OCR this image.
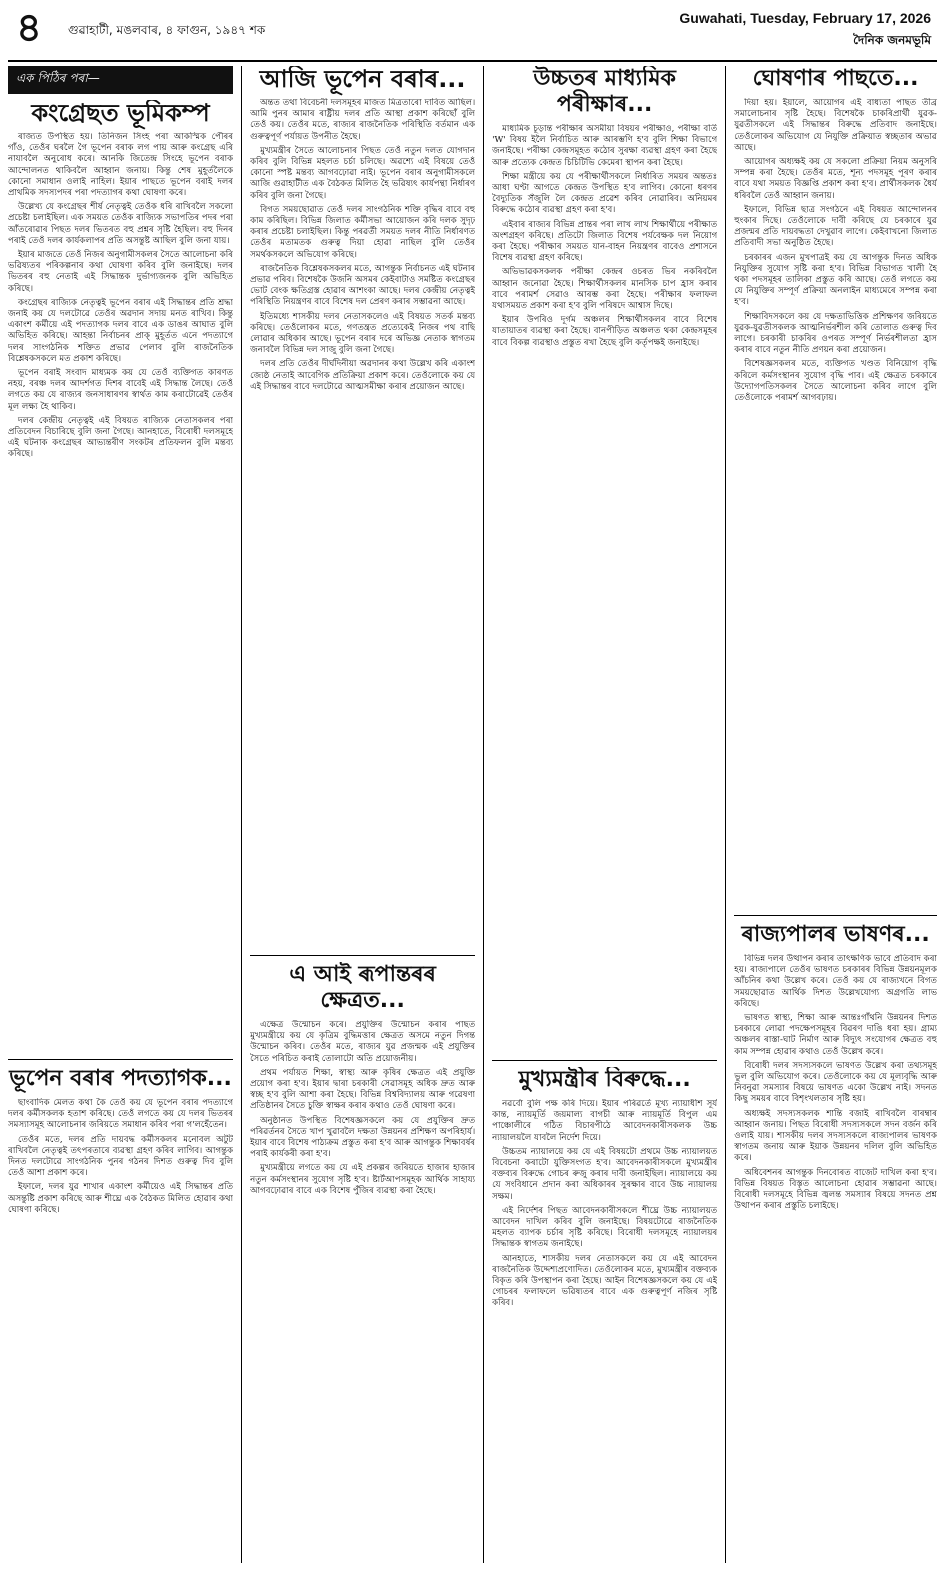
৪ গুৱাহাটী, মঙলবাৰ, ৪ ফাগুন, ১৯৪৭ শক
Guwahati, Tuesday, February 17, 2026
দৈনিক জনমভূমি
এক পিঠিৰ পৰা—
কংগ্ৰেছত ভূমিকম্প

ৰাজ্যত উপস্থিত হয়। তিনিজন সিংহ পৰা আকস্মিক পৌৰৰ গাঁও, তেওঁৰ ঘৰলৈ গৈ ভূপেন বৰাক লগ পায় আৰু কংগ্ৰেছ এৰি নাযাবলৈ অনুৰোধ কৰে। আনকি জিতেন্দ্ৰ সিংহে ভূপেন বৰাক আন্দোলনত থাকিবলৈ আহ্বান জনায়। কিন্তু শেষ মুহূৰ্তলৈকে কোনো সমাধান ওলাই নাহিল। ইয়াৰ পাছতে ভূপেন বৰাই দলৰ প্ৰাথমিক সদস্যপদৰ পৰা পদত্যাগৰ কথা ঘোষণা কৰে।

উল্লেখ্য যে কংগ্ৰেছৰ শীৰ্ষ নেতৃত্বই তেওঁক ধৰি ৰাখিবলৈ সকলো প্ৰচেষ্টা চলাইছিল। এক সময়ত তেওঁক ৰাজ্যিক সভাপতিৰ পদৰ পৰা আঁতৰোৱাৰ পিছত দলৰ ভিতৰত বহু প্ৰশ্নৰ সৃষ্টি হৈছিল। বহু দিনৰ পৰাই তেওঁ দলৰ কাৰ্যকলাপৰ প্ৰতি অসন্তুষ্ট আছিল বুলি জনা যায়।

ইয়াৰ মাজতে তেওঁ নিজৰ অনুগামীসকলৰ সৈতে আলোচনা কৰি ভৱিষ্যতৰ পৰিকল্পনাৰ কথা ঘোষণা কৰিব বুলি জনাইছে। দলৰ ভিতৰৰ বহু নেতাই এই সিদ্ধান্তক দুৰ্ভাগ্যজনক বুলি অভিহিত কৰিছে।

কংগ্ৰেছৰ ৰাজ্যিক নেতৃত্বই ভূপেন বৰাৰ এই সিদ্ধান্তৰ প্ৰতি শ্ৰদ্ধা জনাই কয় যে দলটোৱে তেওঁৰ অৱদান সদায় মনত ৰাখিব। কিন্তু একাংশ কৰ্মীয়ে এই পদত্যাগক দলৰ বাবে এক ডাঙৰ আঘাত বুলি অভিহিত কৰিছে। আহন্তা নিৰ্বাচনৰ প্ৰাক্ মুহূৰ্তত এনে পদত্যাগে দলৰ সাংগঠনিক শক্তিত প্ৰভাৱ পেলাব বুলি ৰাজনৈতিক বিশ্লেষকসকলে মত প্ৰকাশ কৰিছে।

ভূপেন বৰাই সংবাদ মাধ্যমক কয় যে তেওঁ ব্যক্তিগত কাৰণত নহয়, বৰঞ্চ দলৰ আদৰ্শগত দিশৰ বাবেই এই সিদ্ধান্ত লৈছে। তেওঁ লগতে কয় যে ৰাজ্যৰ জনসাধাৰণৰ স্বাৰ্থত কাম কৰাটোৱেই তেওঁৰ মূল লক্ষ্য হৈ থাকিব।

দলৰ কেন্দ্ৰীয় নেতৃত্বই এই বিষয়ত ৰাজ্যিক নেতাসকলৰ পৰা প্ৰতিবেদন বিচাৰিছে বুলি জনা গৈছে। আনহাতে, বিৰোধী দলসমূহে এই ঘটনাক কংগ্ৰেছৰ আভ্যন্তৰীণ সংকটৰ প্ৰতিফলন বুলি মন্তব্য কৰিছে।

ভূপেন বৰাৰ পদত্যাগক...

ছাংবাদিক মেলত কথা কৈ তেওঁ কয় যে ভূপেন বৰাৰ পদত্যাগে দলৰ কৰ্মীসকলক হতাশ কৰিছে। তেওঁ লগতে কয় যে দলৰ ভিতৰৰ সমস্যাসমূহ আলোচনাৰ জৰিয়তে সমাধান কৰিব পৰা গ'লহেঁতেন।

তেওঁৰ মতে, দলৰ প্ৰতি দায়বদ্ধ কৰ্মীসকলৰ মনোবল অটুট ৰাখিবলৈ নেতৃত্বই তৎপৰতাৰে ব্যৱস্থা গ্ৰহণ কৰিব লাগিব। আগন্তুক দিনত দলটোৱে সাংগঠনিক পুনৰ গঠনৰ দিশত গুৰুত্ব দিব বুলি তেওঁ আশা প্ৰকাশ কৰে।

ইফালে, দলৰ যুৱ শাখাৰ একাংশ কৰ্মীয়েও এই সিদ্ধান্তৰ প্ৰতি অসন্তুষ্টি প্ৰকাশ কৰিছে আৰু শীঘ্ৰে এক বৈঠকত মিলিত হোৱাৰ কথা ঘোষণা কৰিছে।

আজি ভূপেন বৰাৰ...

অন্তত তথা বিবেচনী দলসমূহৰ মাজত মিত্ৰতাৰো দাবিত আছিল। আমি পুনৰ আমাৰ ৰাষ্ট্ৰীয় দলৰ প্ৰতি আস্থা প্ৰকাশ কৰিছোঁ বুলি তেওঁ কয়। তেওঁৰ মতে, ৰাজ্যৰ ৰাজনৈতিক পৰিস্থিতি বৰ্তমান এক গুৰুত্বপূৰ্ণ পৰ্যায়ত উপনীত হৈছে।

মুখ্যমন্ত্ৰীৰ সৈতে আলোচনাৰ পিছত তেওঁ নতুন দলত যোগদান কৰিব বুলি বিভিন্ন মহলত চৰ্চা চলিছে। অৱশ্যে এই বিষয়ে তেওঁ কোনো স্পষ্ট মন্তব্য আগবঢ়োৱা নাই। ভূপেন বৰাৰ অনুগামীসকলে আজি গুৱাহাটীত এক বৈঠকত মিলিত হৈ ভৱিষ্যৎ কাৰ্যপন্থা নিৰ্ধাৰণ কৰিব বুলি জনা গৈছে।

বিগত সময়ছোৱাত তেওঁ দলৰ সাংগঠনিক শক্তি বৃদ্ধিৰ বাবে বহু কাম কৰিছিল। বিভিন্ন জিলাত কৰ্মীসভা আয়োজন কৰি দলক সুদৃঢ় কৰাৰ প্ৰচেষ্টা চলাইছিল। কিন্তু পৰৱৰ্তী সময়ত দলৰ নীতি নিৰ্ধাৰণত তেওঁৰ মতামতক গুৰুত্ব দিয়া হোৱা নাছিল বুলি তেওঁৰ সমৰ্থকসকলে অভিযোগ কৰিছে।

ৰাজনৈতিক বিশ্লেষকসকলৰ মতে, আগন্তুক নিৰ্বাচনত এই ঘটনাৰ প্ৰভাৱ পৰিব। বিশেষকৈ উজনি অসমৰ কেইবাটাও সমষ্টিত কংগ্ৰেছৰ ভোট বেংক ক্ষতিগ্ৰস্ত হোৱাৰ আশংকা আছে। দলৰ কেন্দ্ৰীয় নেতৃত্বই পৰিস্থিতি নিয়ন্ত্ৰণৰ বাবে বিশেষ দল প্ৰেৰণ কৰাৰ সম্ভাৱনা আছে।

ইতিমধ্যে শাসকীয় দলৰ নেতাসকলেও এই বিষয়ত সতৰ্ক মন্তব্য কৰিছে। তেওঁলোকৰ মতে, গণতন্ত্ৰত প্ৰত্যেকেই নিজৰ পথ বাছি লোৱাৰ অধিকাৰ আছে। ভূপেন বৰাৰ দৰে অভিজ্ঞ নেতাক স্বাগতম জনাবলৈ বিভিন্ন দল সাজু বুলি জনা গৈছে।

দলৰ প্ৰতি তেওঁৰ দীৰ্ঘদিনীয়া অৱদানৰ কথা উল্লেখ কৰি একাংশ জ্যেষ্ঠ নেতাই আবেগিক প্ৰতিক্ৰিয়া প্ৰকাশ কৰে। তেওঁলোকে কয় যে এই সিদ্ধান্তৰ বাবে দলটোৱে আত্মসমীক্ষা কৰাৰ প্ৰয়োজন আছে।

এ আই ৰূপান্তৰৰ ক্ষেত্ৰত...

এক্ষেত্ৰ উন্মোচন কৰে। প্ৰযুক্তিৰ উন্মোচন কৰাৰ পাছত মুখ্যমন্ত্ৰীয়ে কয় যে কৃত্ৰিম বুদ্ধিমত্তাৰ ক্ষেত্ৰত অসমে নতুন দিগন্ত উন্মোচন কৰিব। তেওঁৰ মতে, ৰাজ্যৰ যুৱ প্ৰজন্মক এই প্ৰযুক্তিৰ সৈতে পৰিচিত কৰাই তোলাটো অতি প্ৰয়োজনীয়।

প্ৰথম পৰ্যায়ত শিক্ষা, স্বাস্থ্য আৰু কৃষিৰ ক্ষেত্ৰত এই প্ৰযুক্তি প্ৰয়োগ কৰা হ'ব। ইয়াৰ দ্বাৰা চৰকাৰী সেৱাসমূহ অধিক দ্ৰুত আৰু স্বচ্ছ হ'ব বুলি আশা কৰা হৈছে। বিভিন্ন বিশ্ববিদ্যালয় আৰু গৱেষণা প্ৰতিষ্ঠানৰ সৈতে চুক্তি স্বাক্ষৰ কৰাৰ কথাও তেওঁ ঘোষণা কৰে।

অনুষ্ঠানত উপস্থিত বিশেষজ্ঞসকলে কয় যে প্ৰযুক্তিৰ দ্ৰুত পৰিৱৰ্তনৰ সৈতে খাপ খুৱাবলৈ দক্ষতা উন্নয়নৰ প্ৰশিক্ষণ অপৰিহাৰ্য। ইয়াৰ বাবে বিশেষ পাঠ্যক্ৰম প্ৰস্তুত কৰা হ'ব আৰু আগন্তুক শিক্ষাবৰ্ষৰ পৰাই কাৰ্যকৰী কৰা হ'ব।

মুখ্যমন্ত্ৰীয়ে লগতে কয় যে এই প্ৰকল্পৰ জৰিয়তে হাজাৰ হাজাৰ নতুন কৰ্মসংস্থানৰ সুযোগ সৃষ্টি হ'ব। ষ্টাৰ্টআপসমূহক আৰ্থিক সাহায্য আগবঢ়োৱাৰ বাবে এক বিশেষ পুঁজিৰ ব্যৱস্থা কৰা হৈছে।

উচ্চতৰ মাধ্যমিক পৰীক্ষাৰ...

মাধ্যমিক চূড়ান্ত পৰীক্ষাৰ অসমীয়া বিষয়ৰ পৰীক্ষাও, পৰীক্ষা বৰ্তি 'W' বিষয় ইলৈ নিৰ্বাচিত আৰু আৰম্ভণি হ'ব বুলি শিক্ষা বিভাগে জনাইছে। পৰীক্ষা কেন্দ্ৰসমূহত কঠোৰ সুৰক্ষা ব্যৱস্থা গ্ৰহণ কৰা হৈছে আৰু প্ৰত্যেক কেন্দ্ৰত চিচিটিভি কেমেৰা স্থাপন কৰা হৈছে।

শিক্ষা মন্ত্ৰীয়ে কয় যে পৰীক্ষাৰ্থীসকলে নিৰ্ধাৰিত সময়ৰ অন্ততঃ আধা ঘণ্টা আগতে কেন্দ্ৰত উপস্থিত হ'ব লাগিব। কোনো ধৰণৰ বৈদ্যুতিক সঁজুলি লৈ কেন্দ্ৰত প্ৰৱেশ কৰিব নোৱাৰিব। অনিয়মৰ বিৰুদ্ধে কঠোৰ ব্যৱস্থা গ্ৰহণ কৰা হ'ব।

এইবাৰ ৰাজ্যৰ বিভিন্ন প্ৰান্তৰ পৰা লাখ লাখ শিক্ষাৰ্থীয়ে পৰীক্ষাত অংশগ্ৰহণ কৰিছে। প্ৰতিটো জিলাত বিশেষ পৰ্যবেক্ষক দল নিয়োগ কৰা হৈছে। পৰীক্ষাৰ সময়ত যান-বাহন নিয়ন্ত্ৰণৰ বাবেও প্ৰশাসনে বিশেষ ব্যৱস্থা গ্ৰহণ কৰিছে।

অভিভাৱকসকলক পৰীক্ষা কেন্দ্ৰৰ ওচৰত ভিৰ নকৰিবলৈ আহ্বান জনোৱা হৈছে। শিক্ষাৰ্থীসকলৰ মানসিক চাপ হ্ৰাস কৰাৰ বাবে পৰামৰ্শ সেৱাও আৰম্ভ কৰা হৈছে। পৰীক্ষাৰ ফলাফল যথাসময়ত প্ৰকাশ কৰা হ'ব বুলি পৰিষদে আশ্বাস দিছে।

ইয়াৰ উপৰিও দূৰ্গম অঞ্চলৰ শিক্ষাৰ্থীসকলৰ বাবে বিশেষ যাতায়াতৰ ব্যৱস্থা কৰা হৈছে। বানপীড়িত অঞ্চলত থকা কেন্দ্ৰসমূহৰ বাবে বিকল্প ব্যৱস্থাও প্ৰস্তুত ৰখা হৈছে বুলি কৰ্তৃপক্ষই জনাইছে।

মুখ্যমন্ত্ৰীৰ বিৰুদ্ধে...

নৱৰ্বো বুলি পক্ষ কৰি দিয়ে। ইয়াৰ পৰিৱৰ্তে মূখ্য ন্যায়াধীশ সূৰ্য কান্ত, ন্যায়মূৰ্তি জয়মাল্য বাগচী আৰু ন্যায়মূৰ্তি বিপুল এম পাঞ্চোলীৰে গঠিত বিচাৰপীঠে আবেদনকাৰীসকলক উচ্চ ন্যায়ালয়লৈ যাবলৈ নিৰ্দেশ দিয়ে।

উচ্চতম ন্যায়ালয়ে কয় যে এই বিষয়টো প্ৰথমে উচ্চ ন্যায়ালয়ত বিবেচনা কৰাটো যুক্তিসংগত হ'ব। আবেদনকাৰীসকলে মুখ্যমন্ত্ৰীৰ বক্তব্যৰ বিৰুদ্ধে গোচৰ ৰুজু কৰাৰ দাবী জনাইছিল। ন্যায়ালয়ে কয় যে সংবিধানে প্ৰদান কৰা অধিকাৰৰ সুৰক্ষাৰ বাবে উচ্চ ন্যায়ালয় সক্ষম।

এই নিৰ্দেশৰ পিছত আবেদনকাৰীসকলে শীঘ্ৰে উচ্চ ন্যায়ালয়ত আবেদন দাখিল কৰিব বুলি জনাইছে। বিষয়টোৱে ৰাজনৈতিক মহলত ব্যাপক চৰ্চাৰ সৃষ্টি কৰিছে। বিৰোধী দলসমূহে ন্যায়ালয়ৰ সিদ্ধান্তক স্বাগতম জনাইছে।

আনহাতে, শাসকীয় দলৰ নেতাসকলে কয় যে এই আবেদন ৰাজনৈতিক উদ্দেশ্যপ্ৰণোদিত। তেওঁলোকৰ মতে, মুখ্যমন্ত্ৰীৰ বক্তব্যক বিকৃত কৰি উপস্থাপন কৰা হৈছে। আইন বিশেষজ্ঞসকলে কয় যে এই গোচৰৰ ফলাফলে ভৱিষ্যতৰ বাবে এক গুৰুত্বপূৰ্ণ নজিৰ সৃষ্টি কৰিব।

ঘোষণাৰ পাছতে...

দিয়া হয়। ইয়ালে, আয়োগৰ এই বাধ্যতা পাছত তীব্ৰ সমালোচনাৰ সৃষ্টি হৈছে। বিশেষকৈ চাকৰিপ্ৰাৰ্থী যুৱক-যুৱতীসকলে এই সিদ্ধান্তৰ বিৰুদ্ধে প্ৰতিবাদ জনাইছে। তেওঁলোকৰ অভিযোগ যে নিযুক্তি প্ৰক্ৰিয়াত স্বচ্ছতাৰ অভাৱ আছে।

আয়োগৰ অধ্যক্ষই কয় যে সকলো প্ৰক্ৰিয়া নিয়ম অনুসৰি সম্পন্ন কৰা হৈছে। তেওঁৰ মতে, শূন্য পদসমূহ পূৰণ কৰাৰ বাবে যথা সময়ত বিজ্ঞপ্তি প্ৰকাশ কৰা হ'ব। প্ৰাৰ্থীসকলক ধৈৰ্য ধৰিবলৈ তেওঁ আহ্বান জনায়।

ইফালে, বিভিন্ন ছাত্ৰ সংগঠনে এই বিষয়ত আন্দোলনৰ হুংকাৰ দিছে। তেওঁলোকে দাবী কৰিছে যে চৰকাৰে যুৱ প্ৰজন্মৰ প্ৰতি দায়বদ্ধতা দেখুৱাব লাগে। কেইবাখনো জিলাত প্ৰতিবাদী সভা অনুষ্ঠিত হৈছে।

চৰকাৰৰ এজন মুখপাত্ৰই কয় যে আগন্তুক দিনত অধিক নিযুক্তিৰ সুযোগ সৃষ্টি কৰা হ'ব। বিভিন্ন বিভাগত খালী হৈ থকা পদসমূহৰ তালিকা প্ৰস্তুত কৰি আছে। তেওঁ লগতে কয় যে নিযুক্তিৰ সম্পূৰ্ণ প্ৰক্ৰিয়া অনলাইন মাধ্যমেৰে সম্পন্ন কৰা হ'ব।

শিক্ষাবিদসকলে কয় যে দক্ষতাভিত্তিক প্ৰশিক্ষণৰ জৰিয়তে যুৱক-যুৱতীসকলক আত্মনিৰ্ভৰশীল কৰি তোলাত গুৰুত্ব দিব লাগে। চৰকাৰী চাকৰিৰ ওপৰত সম্পূৰ্ণ নিৰ্ভৰশীলতা হ্ৰাস কৰাৰ বাবে নতুন নীতি প্ৰণয়ন কৰা প্ৰয়োজন।

বিশেষজ্ঞসকলৰ মতে, ব্যক্তিগত খণ্ডত বিনিয়োগ বৃদ্ধি কৰিলে কৰ্মসংস্থানৰ সুযোগ বৃদ্ধি পাব। এই ক্ষেত্ৰত চৰকাৰে উদ্যোগপতিসকলৰ সৈতে আলোচনা কৰিব লাগে বুলি তেওঁলোকে পৰামৰ্শ আগবঢ়ায়।

ৰাজ্যপালৰ ভাষণৰ...

বিভিন্ন দলৰ উত্থাপন কৰাৰ তাৎক্ষণিক ভাবে প্ৰতিবাদ কৰা হয়। ৰাজ্যপালে তেওঁৰ ভাষণত চৰকাৰৰ বিভিন্ন উন্নয়নমূলক আঁচনিৰ কথা উল্লেখ কৰে। তেওঁ কয় যে ৰাজ্যখনে বিগত সময়ছোৱাত আৰ্থিক দিশত উল্লেখযোগ্য অগ্ৰগতি লাভ কৰিছে।

ভাষণত স্বাস্থ্য, শিক্ষা আৰু আন্তঃগাঁথনি উন্নয়নৰ দিশত চৰকাৰে লোৱা পদক্ষেপসমূহৰ বিৱৰণ দাঙি ধৰা হয়। গ্ৰাম্য অঞ্চলৰ ৰাস্তা-ঘাট নিৰ্মাণ আৰু বিদ্যুৎ সংযোগৰ ক্ষেত্ৰত বহু কাম সম্পন্ন হোৱাৰ কথাও তেওঁ উল্লেখ কৰে।

বিৰোধী দলৰ সদস্যসকলে ভাষণত উল্লেখ কৰা তথ্যসমূহ ভুল বুলি অভিযোগ কৰে। তেওঁলোকে কয় যে মূল্যবৃদ্ধি আৰু নিবনুৱা সমস্যাৰ বিষয়ে ভাষণত একো উল্লেখ নাই। সদনত কিছু সময়ৰ বাবে বিশৃংখলতাৰ সৃষ্টি হয়।

অধ্যক্ষই সদস্যসকলক শান্তি বজাই ৰাখিবলৈ বাৰম্বাৰ আহ্বান জনায়। পিছত বিৰোধী সদস্যসকলে সদন বৰ্জন কৰি ওলাই যায়। শাসকীয় দলৰ সদস্যসকলে ৰাজ্যপালৰ ভাষণক স্বাগতম জনায় আৰু ইয়াক উন্নয়নৰ দলিল বুলি অভিহিত কৰে।

অধিবেশনৰ আগন্তুক দিনবোৰত বাজেট দাখিল কৰা হ'ব। বিভিন্ন বিষয়ত বিস্তৃত আলোচনা হোৱাৰ সম্ভাৱনা আছে। বিৰোধী দলসমূহে বিভিন্ন জ্বলন্ত সমস্যাৰ বিষয়ে সদনত প্ৰশ্ন উত্থাপন কৰাৰ প্ৰস্তুতি চলাইছে।
